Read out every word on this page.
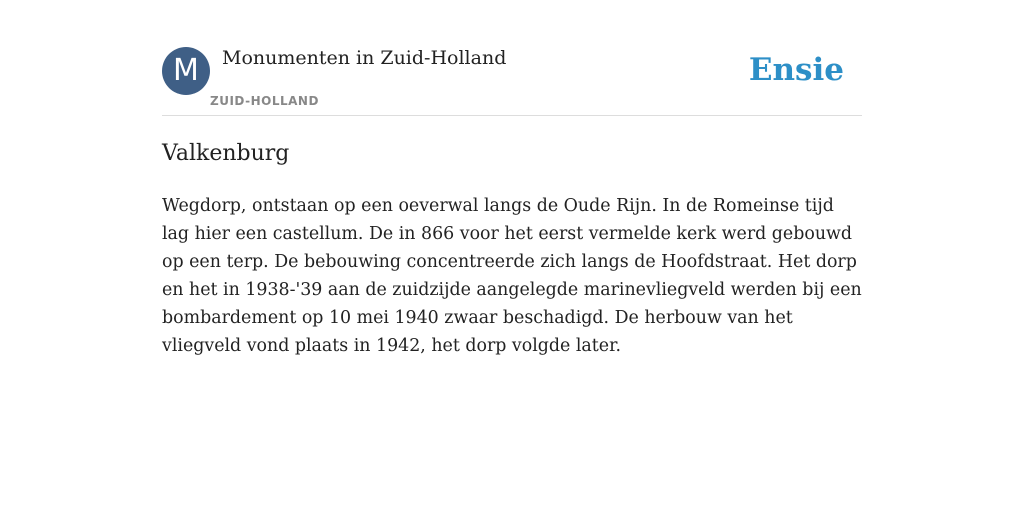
M	Monumenten in Zuid-Holland
ZUID-HOLLAND
Ensie
Valkenburg

Wegdorp, ontstaan op een oeverwal langs de Oude Rijn. In de Romeinse tijd lag hier een castellum. De in 866 voor het eerst vermelde kerk werd gebouwd op een terp. De bebouwing concentreerde zich langs de Hoofdstraat. Het dorp en het in 1938-'39 aan de zuidzijde aangelegde marinevliegveld werden bij een bombardement op 10 mei 1940 zwaar beschadigd. De herbouw van het vliegveld vond plaats in 1942, het dorp volgde later.
